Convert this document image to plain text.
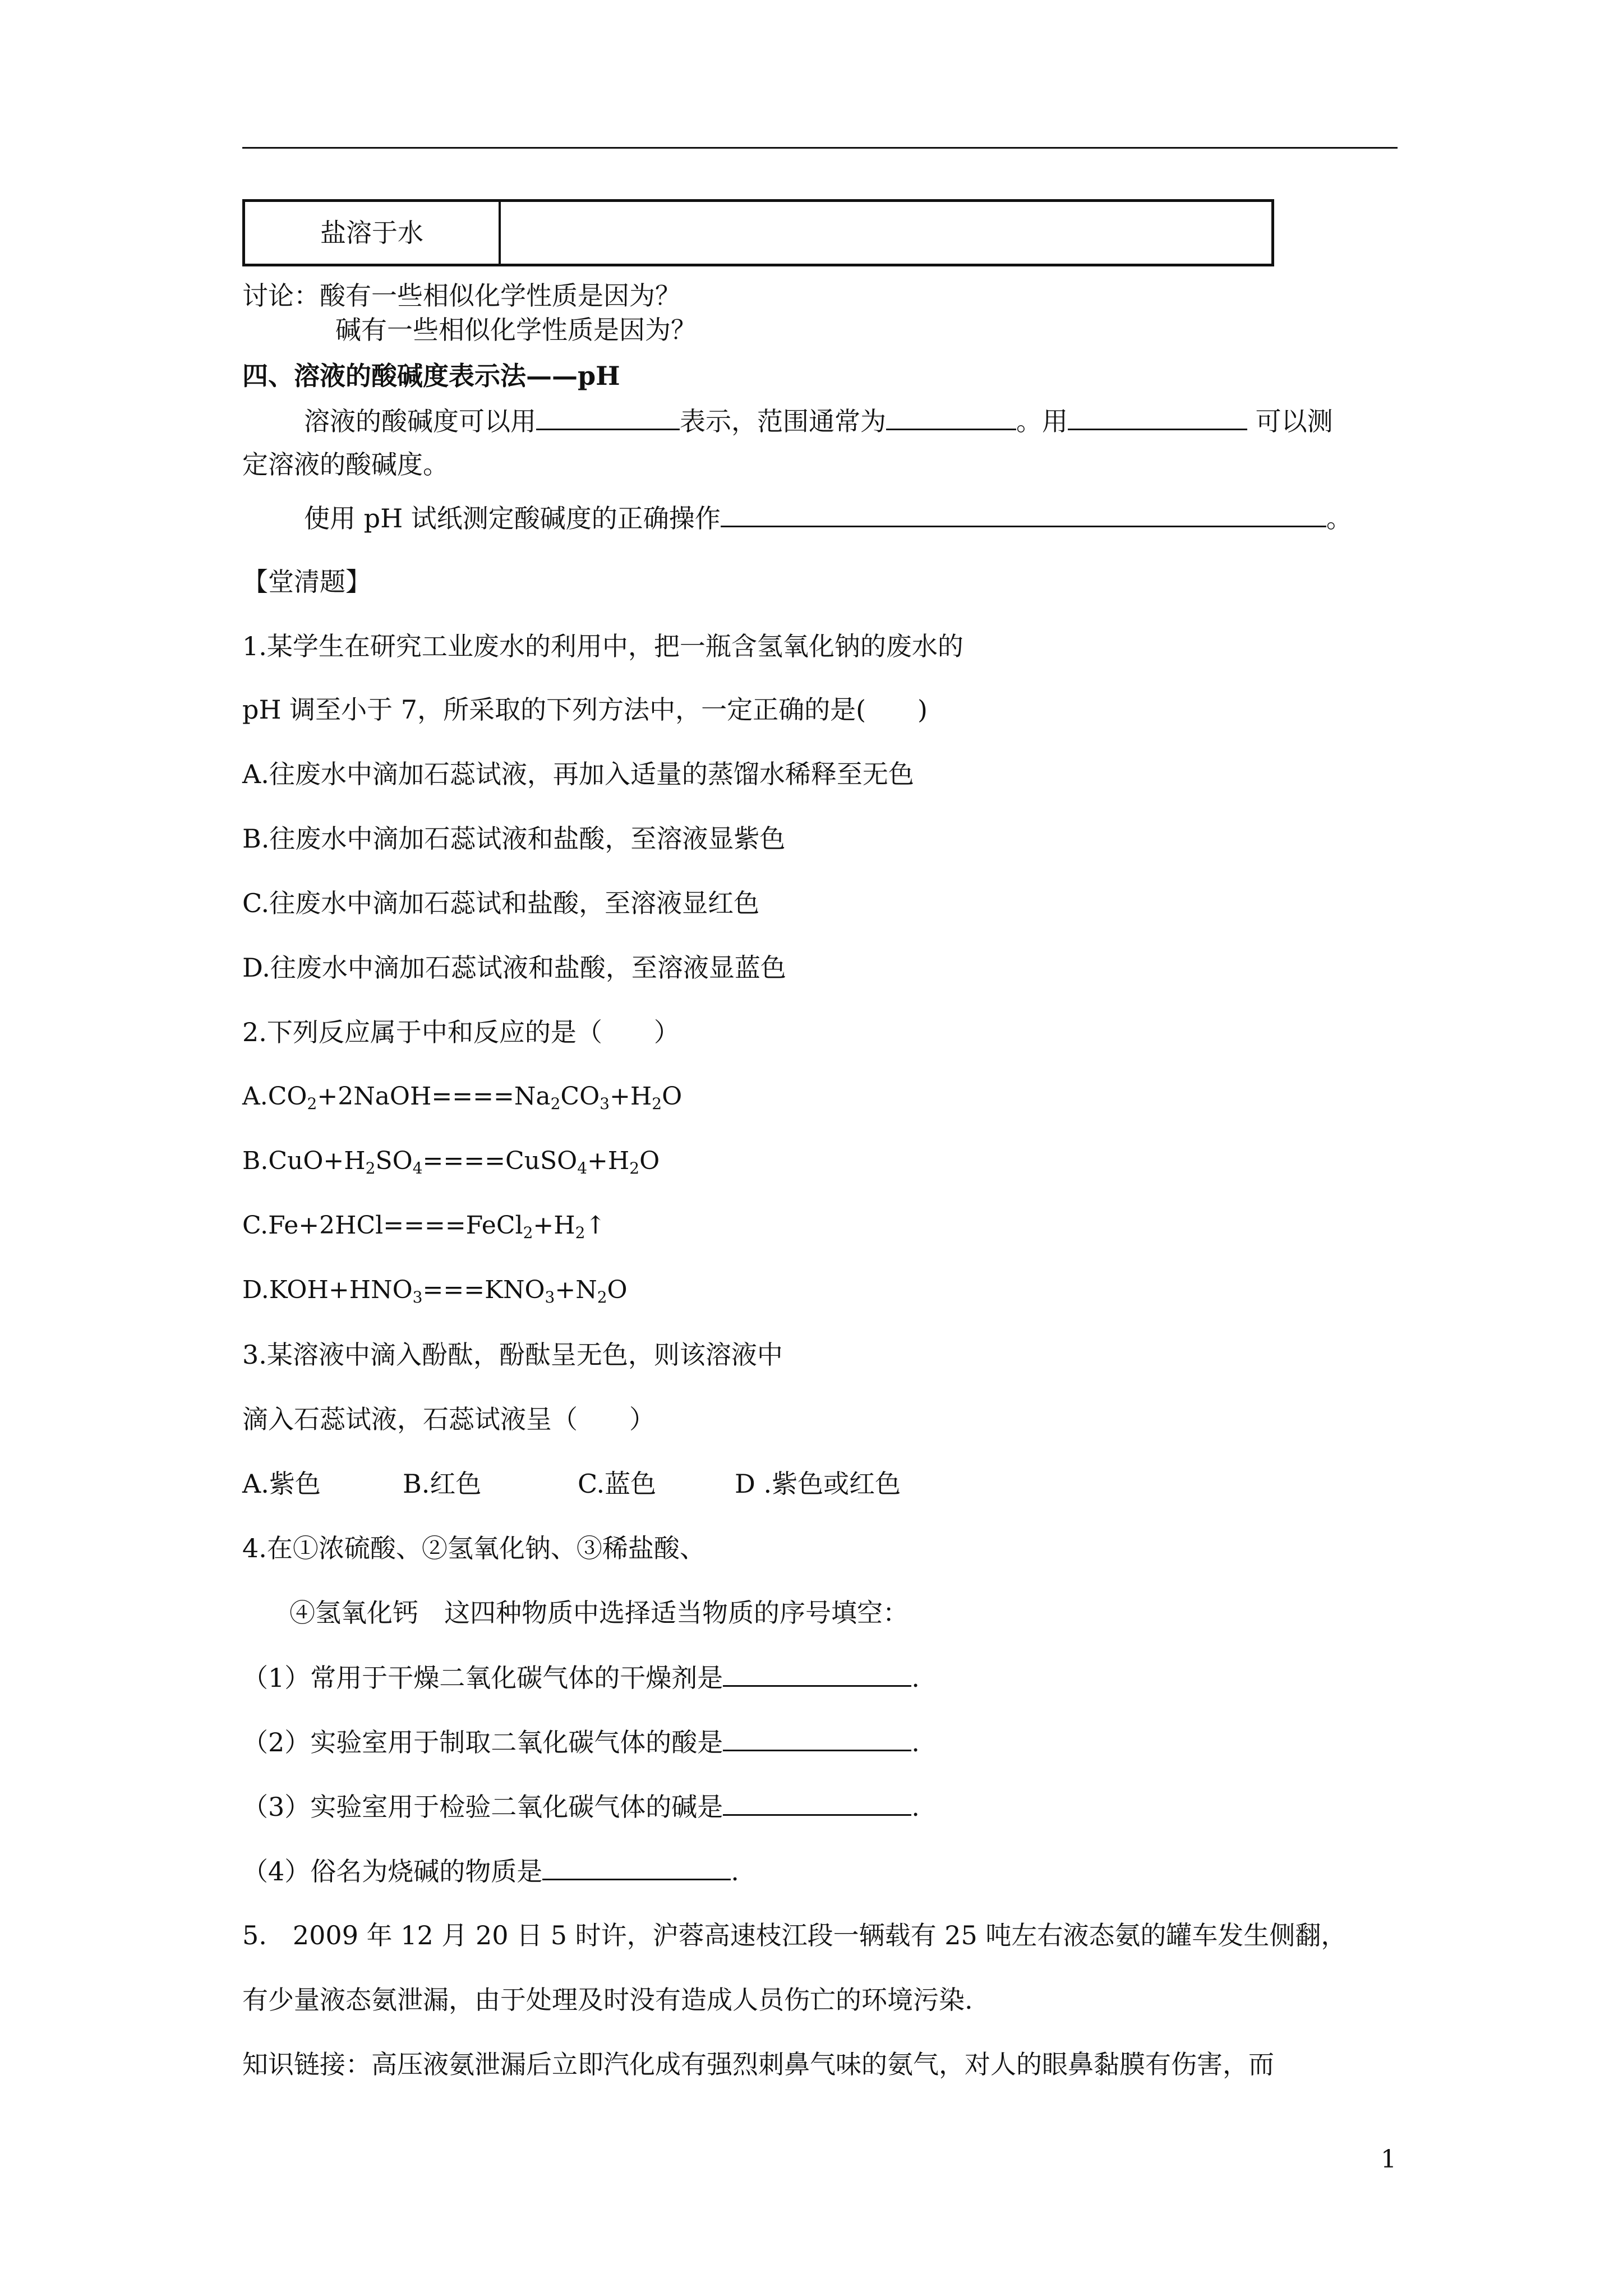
盐溶于水
讨论：酸有一些相似化学性质是因为？
碱有一些相似化学性质是因为？
四、溶液的酸碱度表示法——pH
溶液的酸碱度可以用	表示，范围通常为	。用	可以测
定溶液的酸碱度。
使用 pH 试纸测定酸碱度的正确操作	。
【堂清题】
1.某学生在研究工业废水的利用中，把一瓶含氢氧化钠的废水的
pH 调至小于 7，所采取的下列方法中，一定正确的是(　　)
A.往废水中滴加石蕊试液，再加入适量的蒸馏水稀释至无色
B.往废水中滴加石蕊试液和盐酸，至溶液显紫色
C.往废水中滴加石蕊试和盐酸，至溶液显红色
D.往废水中滴加石蕊试液和盐酸，至溶液显蓝色
2.下列反应属于中和反应的是（　　）
$A.CO_2+2NaOH====Na_2CO_3+H_2O$
$B.CuO+H_2SO_4====CuSO_4+H_2O$
$C.Fe+2HCl====FeCl_2+H_2↑$
$D.KOH+HNO_3===KNO_3+N_2O$
3.某溶液中滴入酚酞，酚酞呈无色，则该溶液中
滴入石蕊试液，石蕊试液呈（　　）
A.紫色	B.红色	C.蓝色	D .紫色或红色
4.在①浓硫酸、②氢氧化钠、③稀盐酸、
④氢氧化钙　这四种物质中选择适当物质的序号填空：
（1）常用于干燥二氧化碳气体的干燥剂是	.
（2）实验室用于制取二氧化碳气体的酸是	.
（3）实验室用于检验二氧化碳气体的碱是	.
（4）俗名为烧碱的物质是	.
5.　2009 年 12 月 20 日 5 时许，沪蓉高速枝江段一辆载有 25 吨左右液态氨的罐车发生侧翻，
有少量液态氨泄漏，由于处理及时没有造成人员伤亡的环境污染.
知识链接：高压液氨泄漏后立即汽化成有强烈刺鼻气味的氨气，对人的眼鼻黏膜有伤害，而
1
